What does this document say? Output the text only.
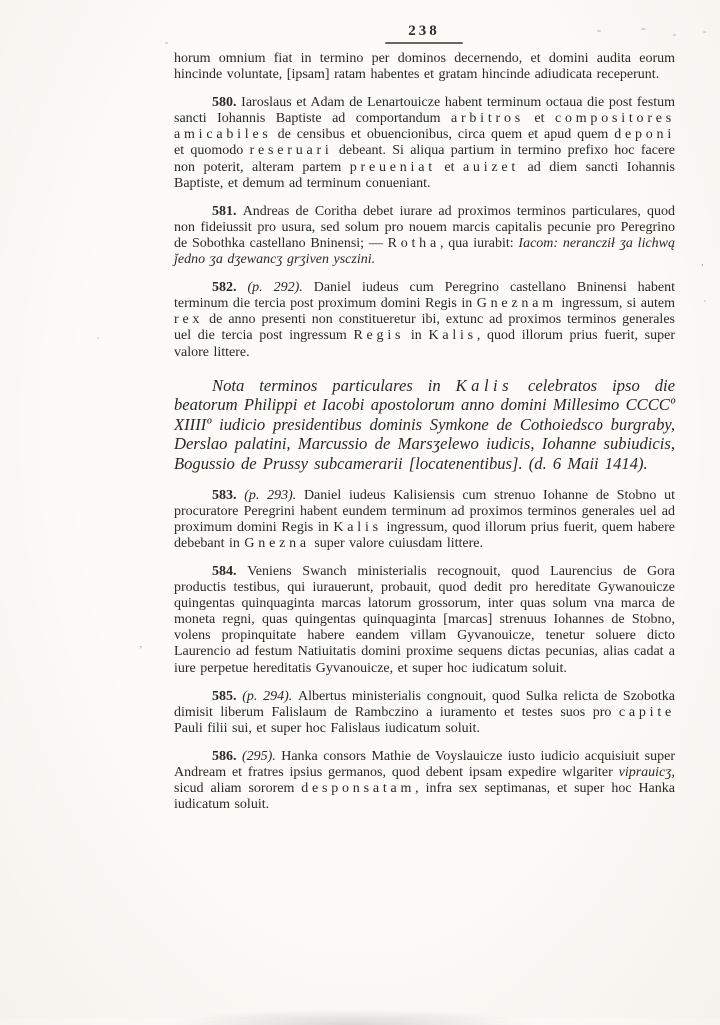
238

horum omnium fiat in termino per dominos decernendo, et domini audita eorum hincinde voluntate, [ipsam] ratam habentes et gratam hincinde adiudicata receperunt.

580. Iaroslaus et Adam de Lenartouicze habent terminum octaua die post festum sancti Iohannis Baptiste ad comportandum arbitros et compositores amicabiles de censibus et obuencionibus, circa quem et apud quem deponi et quomodo reseruari debeant. Si aliqua partium in termino prefixo hoc facere non poterit, alteram partem preueniat et auizet ad diem sancti Iohannis Baptiste, et demum ad terminum conueniant.

581. Andreas de Coritha debet iurare ad proximos terminos particulares, quod non fideiussit pro usura, sed solum pro nouem marcis capitalis pecunie pro Peregrino de Sobothka castellano Bninensi; — Rotha, qua iurabit: Iacom: nerancził ʒa lichwą ǰedno ʒa dʒewancʒ grʒiven ysczini.

582. (p. 292). Daniel iudeus cum Peregrino castellano Bninensi habent terminum die tercia post proximum domini Regis in Gneznam ingressum, si autem rex de anno presenti non constitueretur ibi, extunc ad proximos terminos generales uel die tercia post ingressum Regis in Kalis, quod illorum prius fuerit, super valore littere.

Nota terminos particulares in Kalis celebratos ipso die beatorum Philippi et Iacobi apostolorum anno domini Millesimo CCCCº XIIIIº iudicio presidentibus dominis Symkone de Cothoiedsco burgraby, Derslao palatini, Marcussio de Marsʒelewo iudicis, Iohanne subiudicis, Bogussio de Prussy subcamerarii [locatenentibus]. (d. 6 Maii 1414).

583. (p. 293). Daniel iudeus Kalisiensis cum strenuo Iohanne de Stobno ut procuratore Peregrini habent eundem terminum ad proximos terminos generales uel ad proximum domini Regis in Kalis ingressum, quod illorum prius fuerit, quem habere debebant in Gnezna super valore cuiusdam littere.

584. Veniens Swanch ministerialis recognouit, quod Laurencius de Gora productis testibus, qui iurauerunt, probauit, quod dedit pro hereditate Gywanouicze quingentas quinquaginta marcas latorum grossorum, inter quas solum vna marca de moneta regni, quas quingentas quinquaginta [marcas] strenuus Iohannes de Stobno, volens propinquitate habere eandem villam Gyvanouicze, tenetur soluere dicto Laurencio ad festum Natiuitatis domini proxime sequens dictas pecunias, alias cadat a iure perpetue hereditatis Gyvanouicze, et super hoc iudicatum soluit.

585. (p. 294). Albertus ministerialis congnouit, quod Sulka relicta de Szobotka dimisit liberum Falislaum de Rambczino a iuramento et testes suos pro capite Pauli filii sui, et super hoc Falislaus iudicatum soluit.

586. (295). Hanka consors Mathie de Voyslauicze iusto iudicio acquisiuit super Andream et fratres ipsius germanos, quod debent ipsam expedire wlgariter viprauicʒ, sicud aliam sororem desponsatam, infra sex septimanas, et super hoc Hanka iudicatum soluit.

’
,
